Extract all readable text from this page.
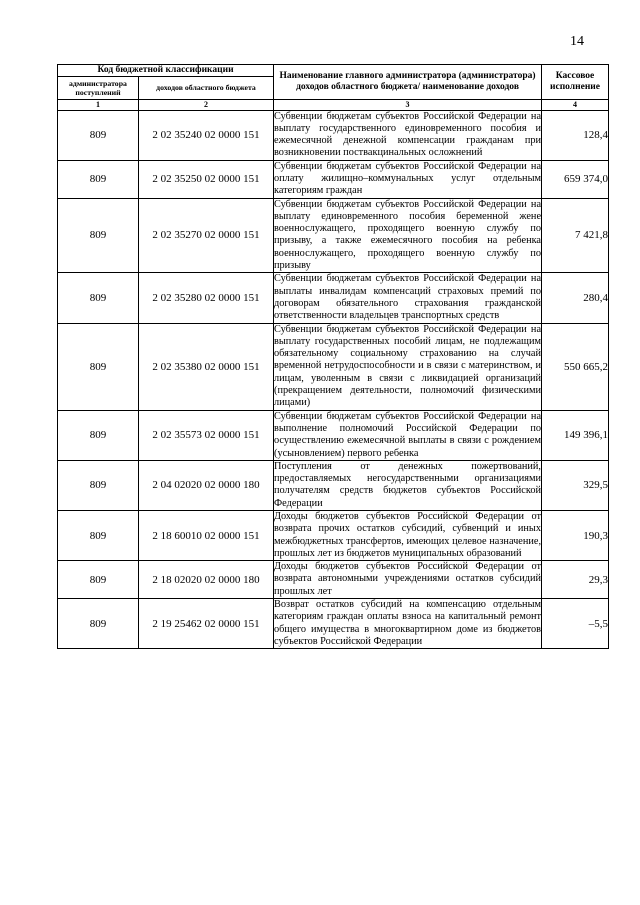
14
Код бюджетной классификации		Наименование главного администратора (администратора) доходов областного бюджета/ наименование доходов	Кассовое исполнение
администратора поступлений	доходов областного бюджета		
1	2	3	4
809	2 02 35240 02 0000 151	Субвенции бюджетам субъектов Российской Федерации на выплату государственного единовременного пособия и ежемесячной денежной компенсации гражданам при возникновении поствакцинальных осложнений	128,4
809	2 02 35250 02 0000 151	Субвенции бюджетам субъектов Российской Федерации на оплату жилищно–коммунальных услуг отдельным категориям граждан	659 374,0
809	2 02 35270 02 0000 151	Субвенции бюджетам субъектов Российской Федерации на выплату единовременного пособия беременной жене военнослужащего, проходящего военную службу по призыву, а также ежемесячного пособия на ребенка военнослужащего, проходящего военную службу по призыву	7 421,8
809	2 02 35280 02 0000 151	Субвенции бюджетам субъектов Российской Федерации на выплаты инвалидам компенсаций страховых премий по договорам обязательного страхования гражданской ответственности владельцев транспортных средств	280,4
809	2 02 35380 02 0000 151	Субвенции бюджетам субъектов Российской Федерации на выплату государственных пособий лицам, не подлежащим обязательному социальному страхованию на случай временной нетрудоспособности и в связи с материнством, и лицам, уволенным в связи с ликвидацией организаций (прекращением деятельности, полномочий физическими лицами)	550 665,2
809	2 02 35573 02 0000 151	Субвенции бюджетам субъектов Российской Федерации на выполнение полномочий Российской Федерации по осуществлению ежемесячной выплаты в связи с рождением (усыновлением) первого ребенка	149 396,1
809	2 04 02020 02 0000 180	Поступления от денежных пожертвований, предоставляемых негосударственными организациями получателям средств бюджетов субъектов Российской Федерации	329,5
809	2 18 60010 02 0000 151	Доходы бюджетов субъектов Российской Федерации от возврата прочих остатков субсидий, субвенций и иных межбюджетных трансфертов, имеющих целевое назначение, прошлых лет из бюджетов муниципальных образований	190,3
809	2 18 02020 02 0000 180	Доходы бюджетов субъектов Российской Федерации от возврата автономными учреждениями остатков субсидий прошлых лет	29,3
809	2 19 25462 02 0000 151	Возврат остатков субсидий на компенсацию отдельным категориям граждан оплаты взноса на капитальный ремонт общего имущества в многоквартирном доме из бюджетов субъектов Российской Федерации	–5,5
